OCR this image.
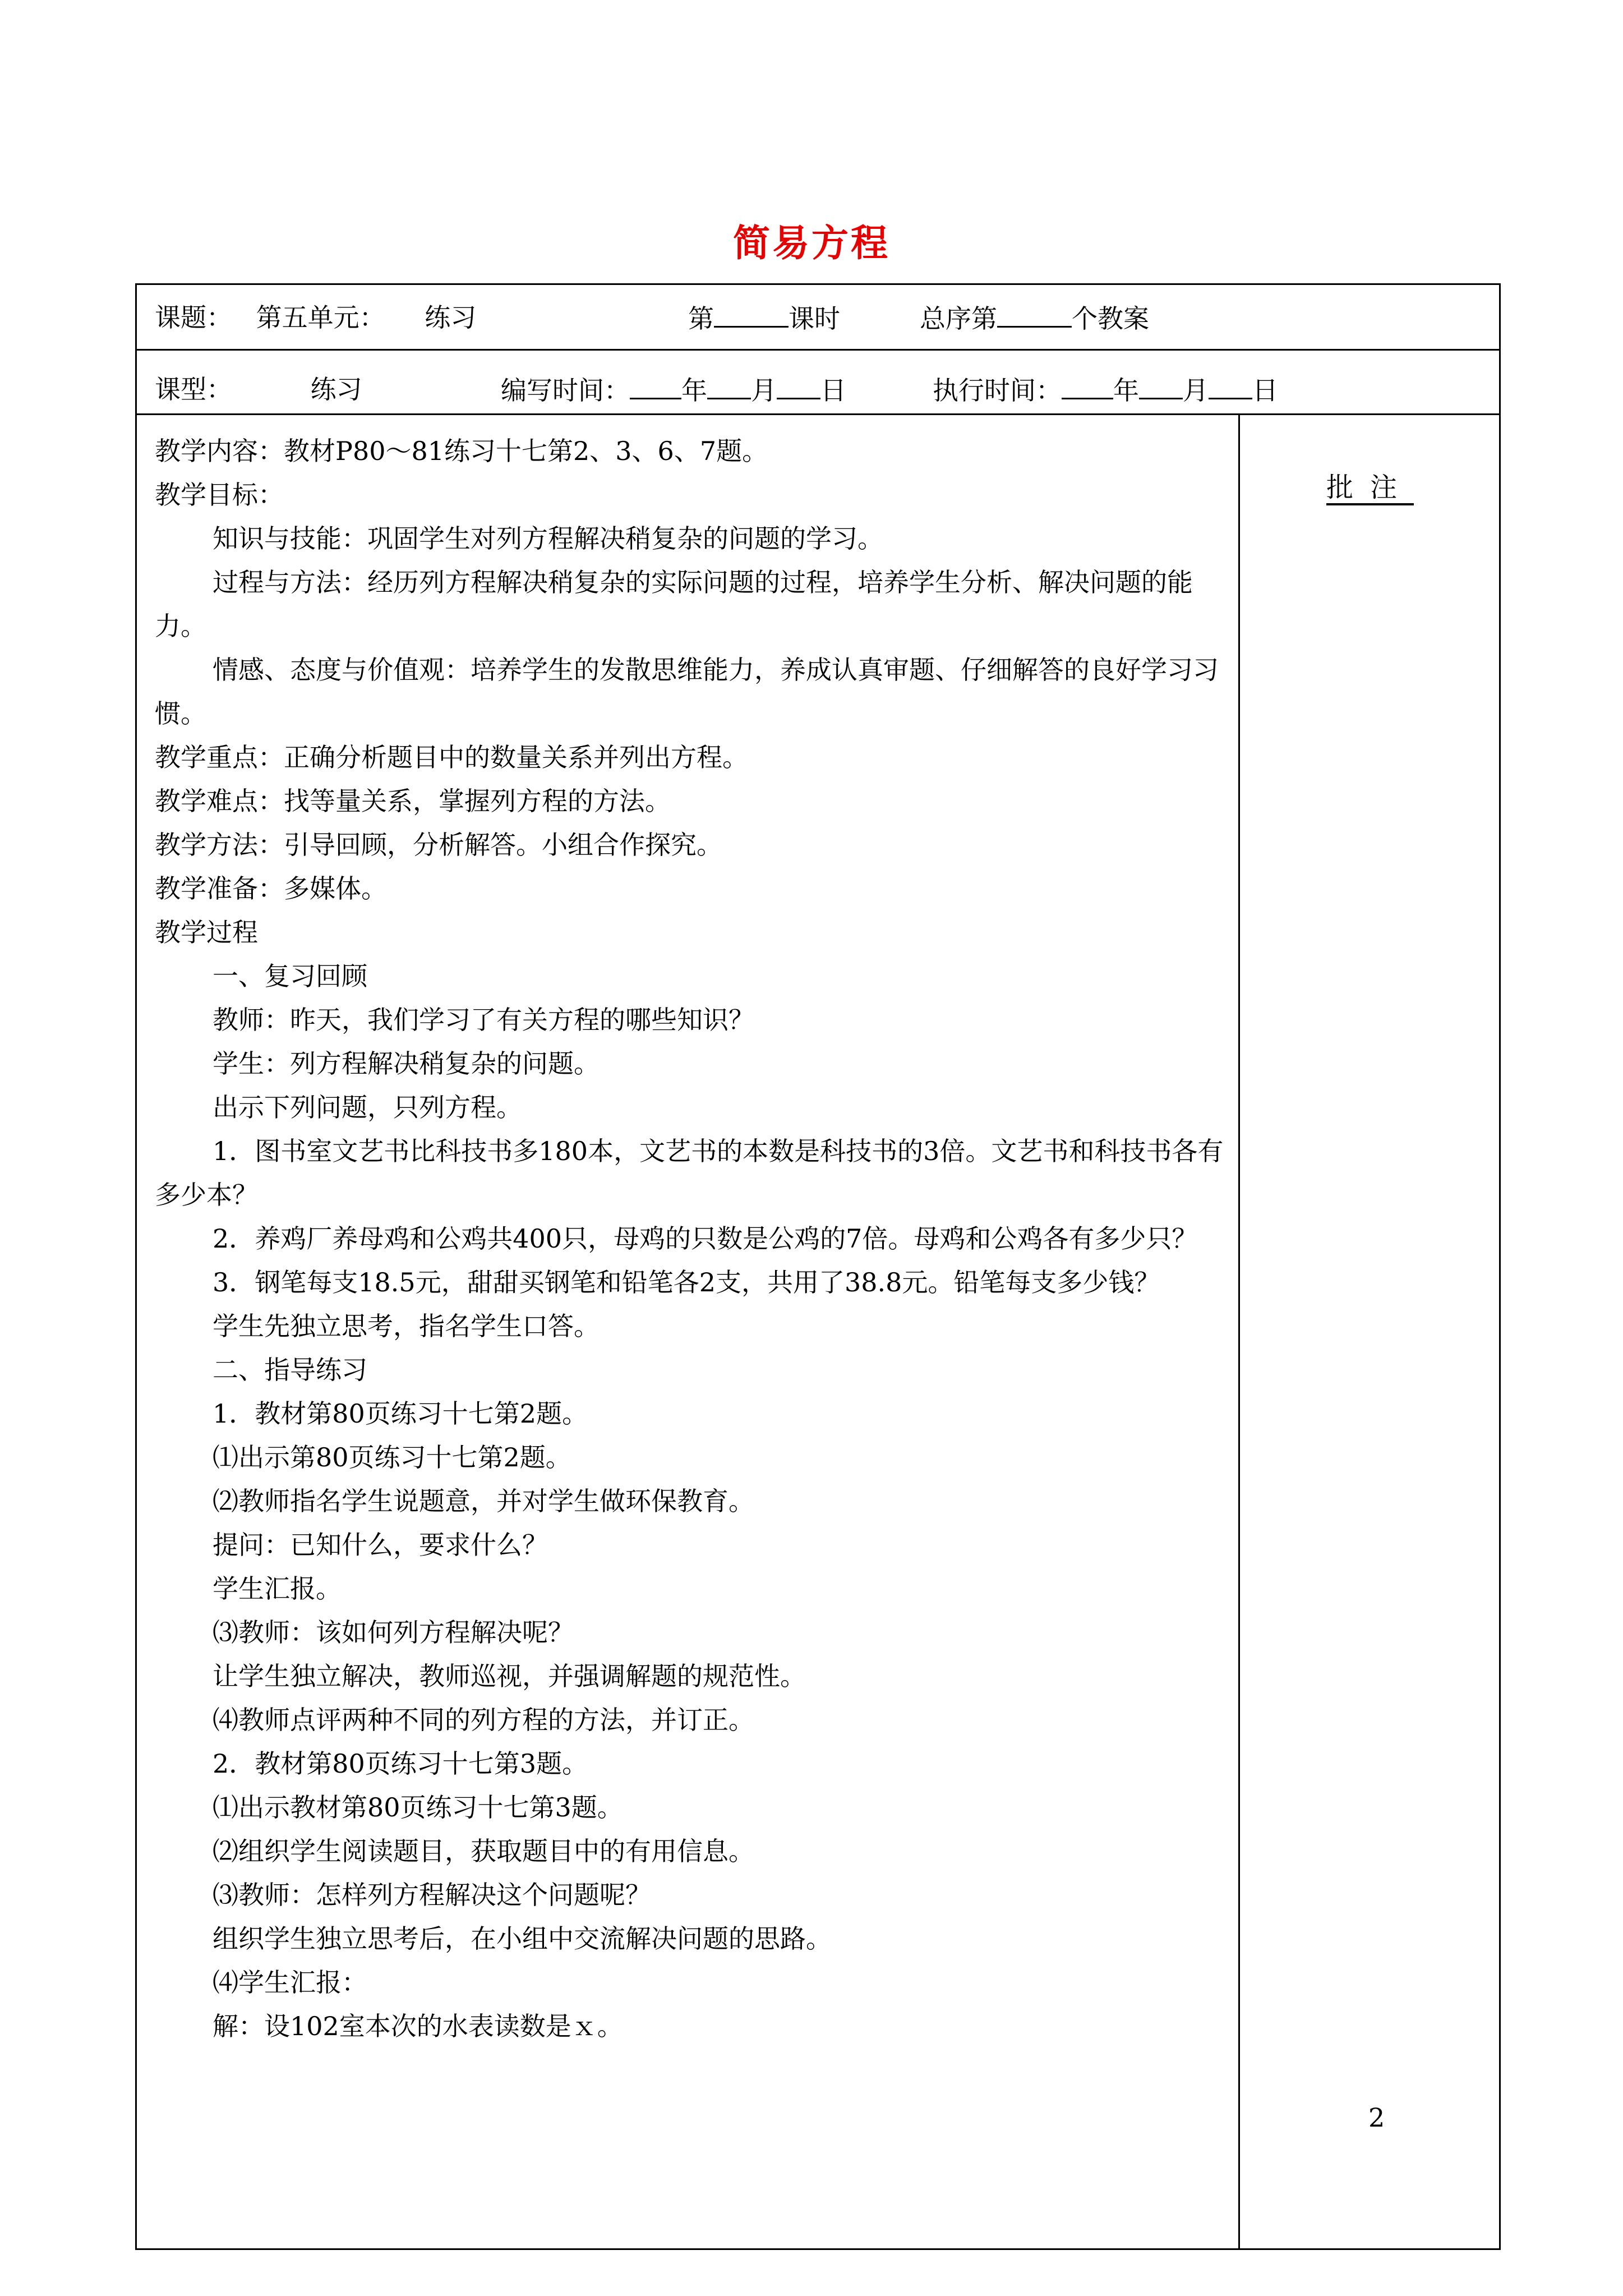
简易方程
课题： 第五单元： 练习	第	课时	总序第	个教案
课型：	练习	编写时间： 年 月 日	执行时间： 年 月 日

教学内容：教材P80～81练习十七第2、3、6、7题。

教学目标：

知识与技能：巩固学生对列方程解决稍复杂的问题的学习。

过程与方法：经历列方程解决稍复杂的实际问题的过程，培养学生分析、解决问题的能力。

情感、态度与价值观：培养学生的发散思维能力，养成认真审题、仔细解答的良好学习习惯。

教学重点：正确分析题目中的数量关系并列出方程。

教学难点：找等量关系，掌握列方程的方法。

教学方法：引导回顾，分析解答。小组合作探究。

教学准备：多媒体。

教学过程

一、复习回顾

教师：昨天，我们学习了有关方程的哪些知识？

学生：列方程解决稍复杂的问题。

出示下列问题，只列方程。

1．图书室文艺书比科技书多180本，文艺书的本数是科技书的3倍。文艺书和科技书各有多少本？

2．养鸡厂养母鸡和公鸡共400只，母鸡的只数是公鸡的7倍。母鸡和公鸡各有多少只？

3．钢笔每支18.5元，甜甜买钢笔和铅笔各2支，共用了38.8元。铅笔每支多少钱？

学生先独立思考，指名学生口答。

二、指导练习

1．教材第80页练习十七第2题。

⑴出示第80页练习十七第2题。

⑵教师指名学生说题意，并对学生做环保教育。

提问：已知什么，要求什么？

学生汇报。

⑶教师：该如何列方程解决呢？

让学生独立解决，教师巡视，并强调解题的规范性。

⑷教师点评两种不同的列方程的方法，并订正。

2．教材第80页练习十七第3题。

⑴出示教材第80页练习十七第3题。

⑵组织学生阅读题目，获取题目中的有用信息。

⑶教师：怎样列方程解决这个问题呢？

组织学生独立思考后，在小组中交流解决问题的思路。

⑷学生汇报：

解：设102室本次的水表读数是ｘ。

批注
2
